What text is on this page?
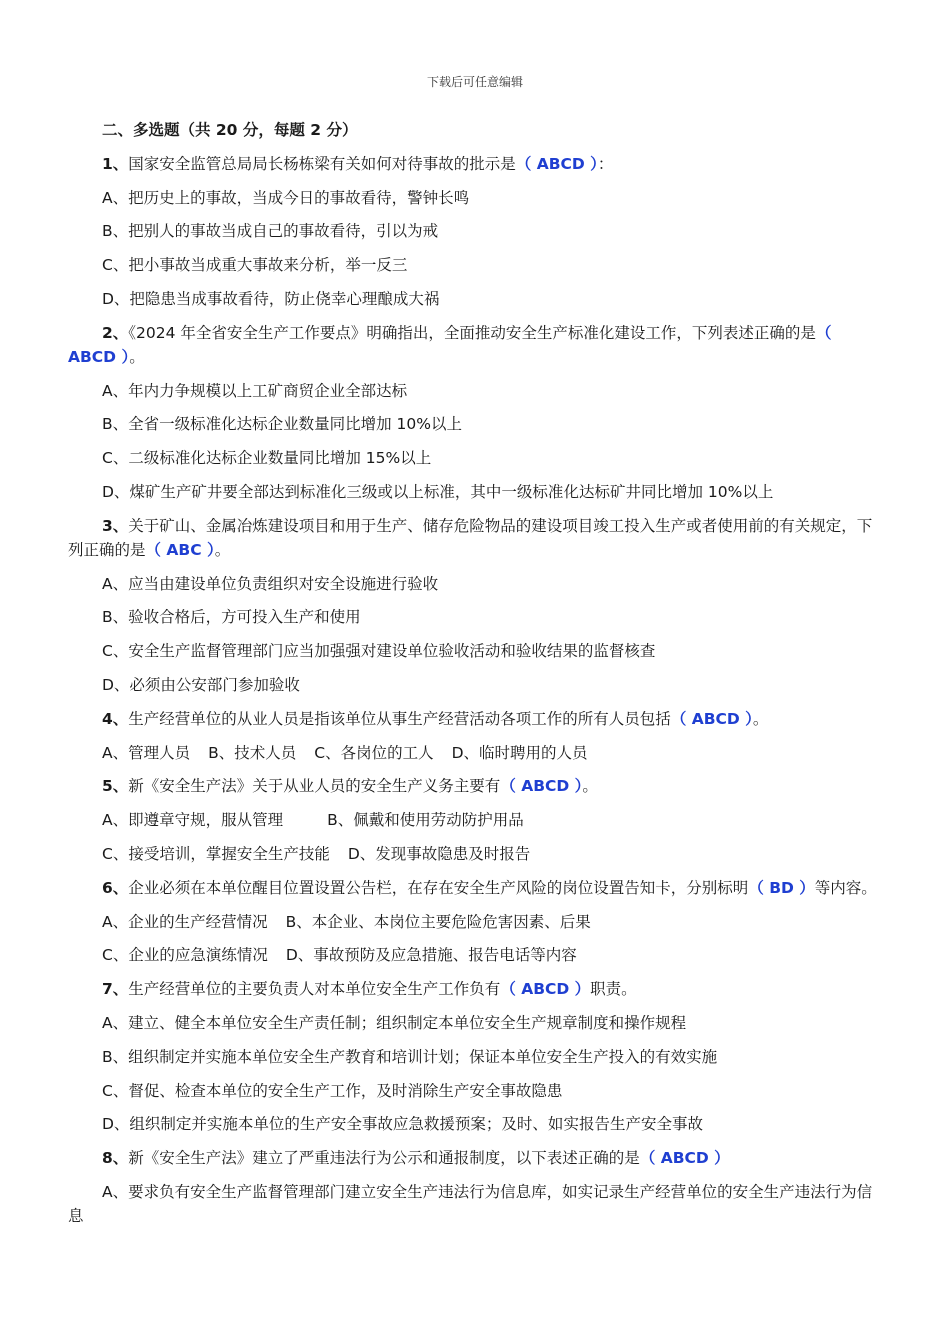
下载后可任意编辑
二、多选题（共 20 分，每题 2 分）
1、国家安全监管总局局长杨栋梁有关如何对待事故的批示是（ ABCD ）：
A、把历史上的事故，当成今日的事故看待，警钟长鸣
B、把别人的事故当成自己的事故看待，引以为戒
C、把小事故当成重大事故来分析，举一反三
D、把隐患当成事故看待，防止侥幸心理酿成大祸
2、《2024 年全省安全生产工作要点》明确指出，全面推动安全生产标准化建设工作，下列表述正确的是（ ABCD ）。
A、年内力争规模以上工矿商贸企业全部达标
B、全省一级标准化达标企业数量同比增加 10%以上
C、二级标准化达标企业数量同比增加 15%以上
D、煤矿生产矿井要全部达到标准化三级或以上标准，其中一级标准化达标矿井同比增加 10%以上
3、关于矿山、金属冶炼建设项目和用于生产、储存危险物品的建设项目竣工投入生产或者使用前的有关规定，下列正确的是（ ABC ）。
A、应当由建设单位负责组织对安全设施进行验收
B、验收合格后，方可投入生产和使用
C、安全生产监督管理部门应当加强强对建设单位验收活动和验收结果的监督核查
D、必须由公安部门参加验收
4、生产经营单位的从业人员是指该单位从事生产经营活动各项工作的所有人员包括（ ABCD ）。
A、管理人员 B、技术人员 C、各岗位的工人 D、临时聘用的人员
5、新《安全生产法》关于从业人员的安全生产义务主要有（ ABCD ）。
A、即遵章守规，服从管理	B、佩戴和使用劳动防护用品
C、接受培训，掌握安全生产技能 D、发现事故隐患及时报告
6、企业必须在本单位醒目位置设置公告栏，在存在安全生产风险的岗位设置告知卡，分别标明（ BD ）等内容。
A、企业的生产经营情况 B、本企业、本岗位主要危险危害因素、后果
C、企业的应急演练情况 D、事故预防及应急措施、报告电话等内容
7、生产经营单位的主要负责人对本单位安全生产工作负有（ ABCD ）职责。
A、建立、健全本单位安全生产责任制；组织制定本单位安全生产规章制度和操作规程
B、组织制定并实施本单位安全生产教育和培训计划；保证本单位安全生产投入的有效实施
C、督促、检查本单位的安全生产工作，及时消除生产安全事故隐患
D、组织制定并实施本单位的生产安全事故应急救援预案；及时、如实报告生产安全事故
8、新《安全生产法》建立了严重违法行为公示和通报制度，以下表述正确的是（ ABCD ）
A、要求负有安全生产监督管理部门建立安全生产违法行为信息库，如实记录生产经营单位的安全生产违法行为信息
